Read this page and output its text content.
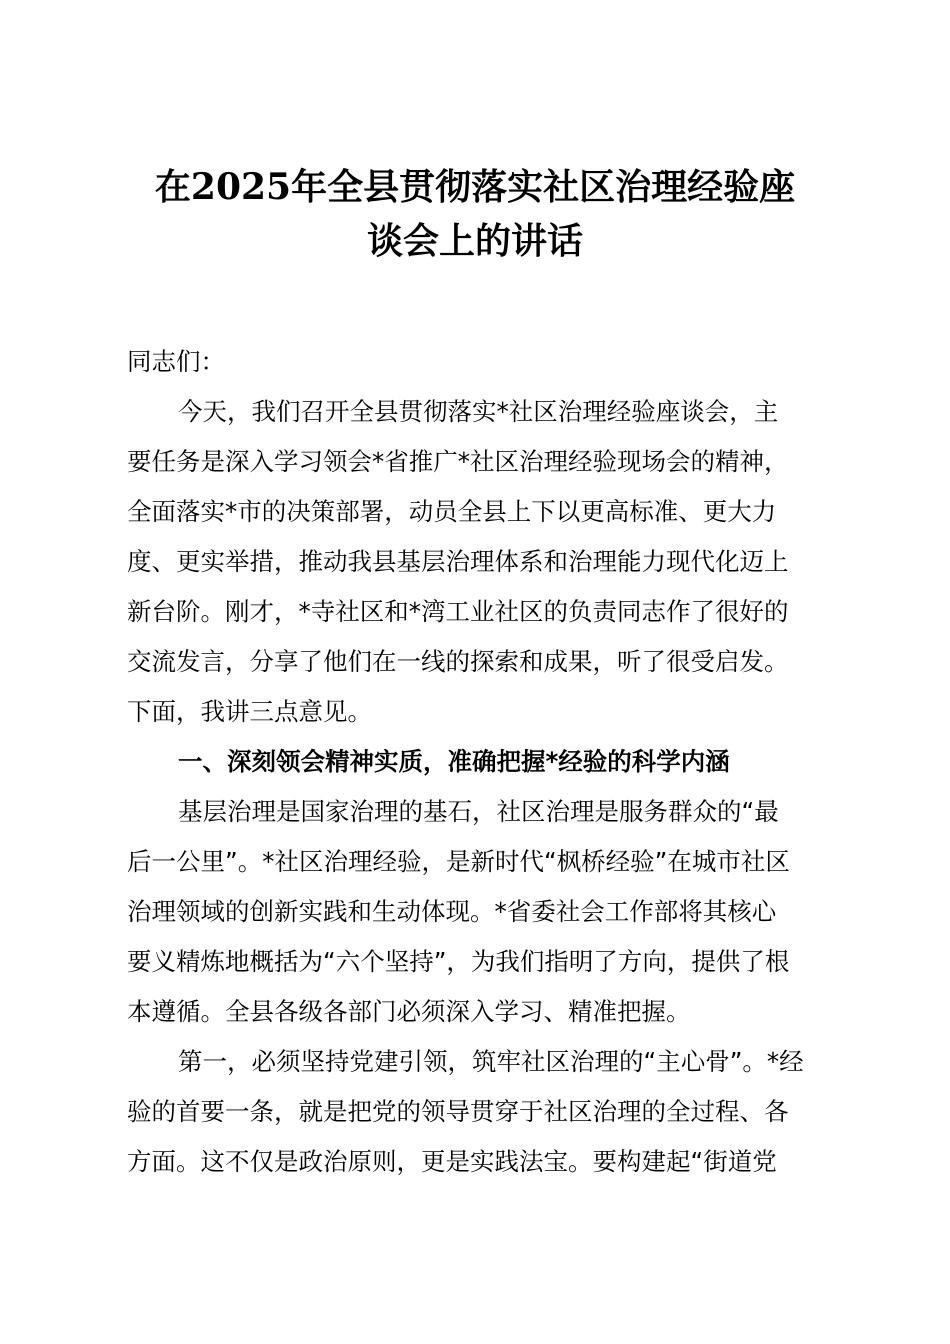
在2025年全县贯彻落实社区治理经验座
谈会上的讲话
同志们：
今天，我们召开全县贯彻落实*社区治理经验座谈会，主
要任务是深入学习领会*省推广*社区治理经验现场会的精神，
全面落实*市的决策部署，动员全县上下以更高标准、更大力
度、更实举措，推动我县基层治理体系和治理能力现代化迈上
新台阶。刚才，*寺社区和*湾工业社区的负责同志作了很好的
交流发言，分享了他们在一线的探索和成果，听了很受启发。
下面，我讲三点意见。
一、深刻领会精神实质，准确把握*经验的科学内涵
基层治理是国家治理的基石，社区治理是服务群众的“最
后一公里”。*社区治理经验，是新时代“枫桥经验”在城市社区
治理领域的创新实践和生动体现。*省委社会工作部将其核心
要义精炼地概括为“六个坚持”，为我们指明了方向，提供了根
本遵循。全县各级各部门必须深入学习、精准把握。
第一，必须坚持党建引领，筑牢社区治理的“主心骨”。*经
验的首要一条，就是把党的领导贯穿于社区治理的全过程、各
方面。这不仅是政治原则，更是实践法宝。要构建起“街道党
